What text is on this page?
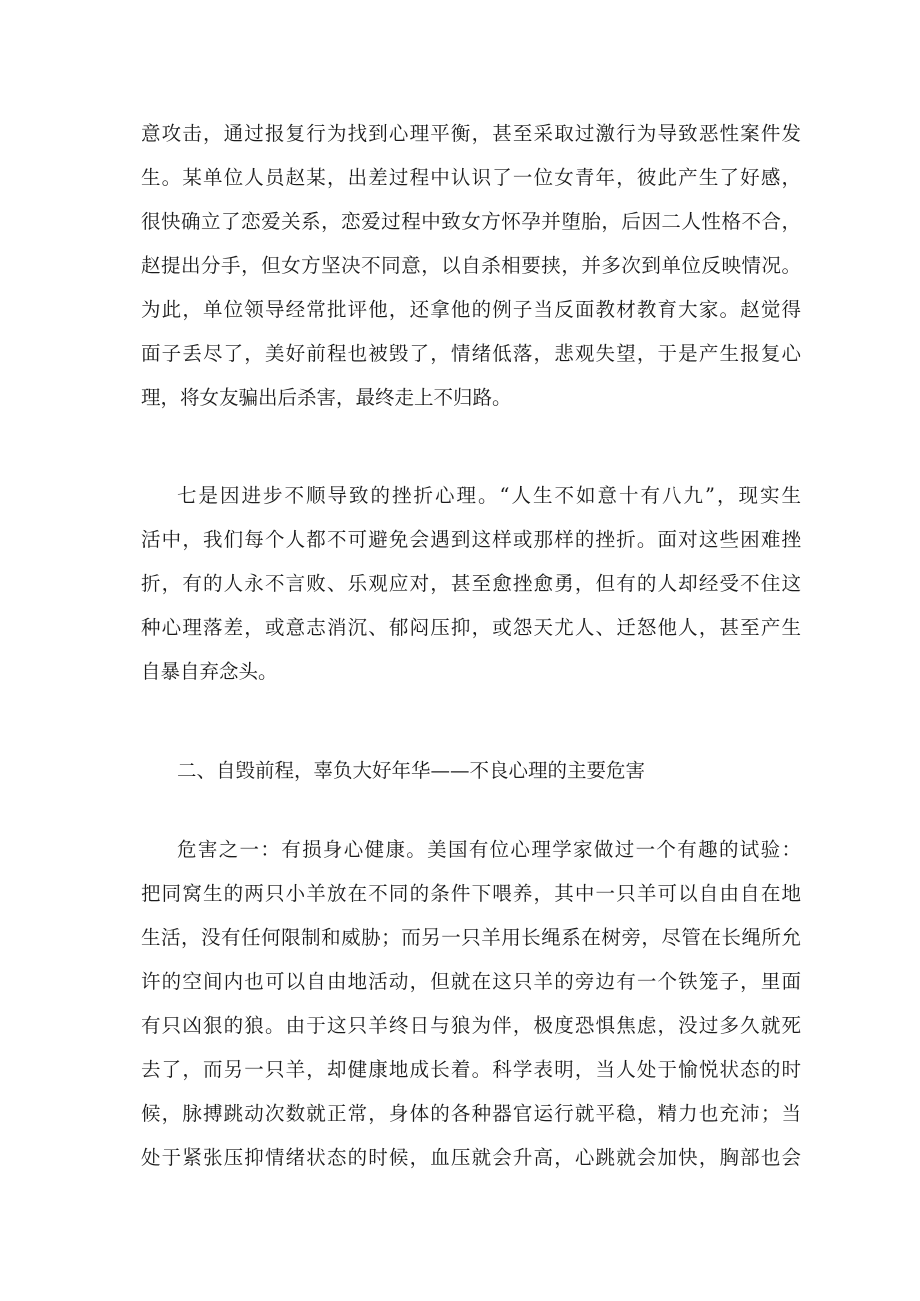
意攻击，通过报复行为找到心理平衡，甚至采取过激行为导致恶性案件发
生。某单位人员赵某，出差过程中认识了一位女青年，彼此产生了好感，
很快确立了恋爱关系，恋爱过程中致女方怀孕并堕胎，后因二人性格不合，
赵提出分手，但女方坚决不同意，以自杀相要挟，并多次到单位反映情况。
为此，单位领导经常批评他，还拿他的例子当反面教材教育大家。赵觉得
面子丢尽了，美好前程也被毁了，情绪低落，悲观失望，于是产生报复心
理，将女友骗出后杀害，最终走上不归路。
七是因进步不顺导致的挫折心理。“人生不如意十有八九”，现实生
活中，我们每个人都不可避免会遇到这样或那样的挫折。面对这些困难挫
折，有的人永不言败、乐观应对，甚至愈挫愈勇，但有的人却经受不住这
种心理落差，或意志消沉、郁闷压抑，或怨天尤人、迁怒他人，甚至产生
自暴自弃念头。
二、自毁前程，辜负大好年华——不良心理的主要危害
危害之一：有损身心健康。美国有位心理学家做过一个有趣的试验：
把同窝生的两只小羊放在不同的条件下喂养，其中一只羊可以自由自在地
生活，没有任何限制和威胁；而另一只羊用长绳系在树旁，尽管在长绳所允
许的空间内也可以自由地活动，但就在这只羊的旁边有一个铁笼子，里面
有只凶狠的狼。由于这只羊终日与狼为伴，极度恐惧焦虑，没过多久就死
去了，而另一只羊，却健康地成长着。科学表明，当人处于愉悦状态的时
候，脉搏跳动次数就正常，身体的各种器官运行就平稳，精力也充沛；当
处于紧张压抑情绪状态的时候，血压就会升高，心跳就会加快，胸部也会
